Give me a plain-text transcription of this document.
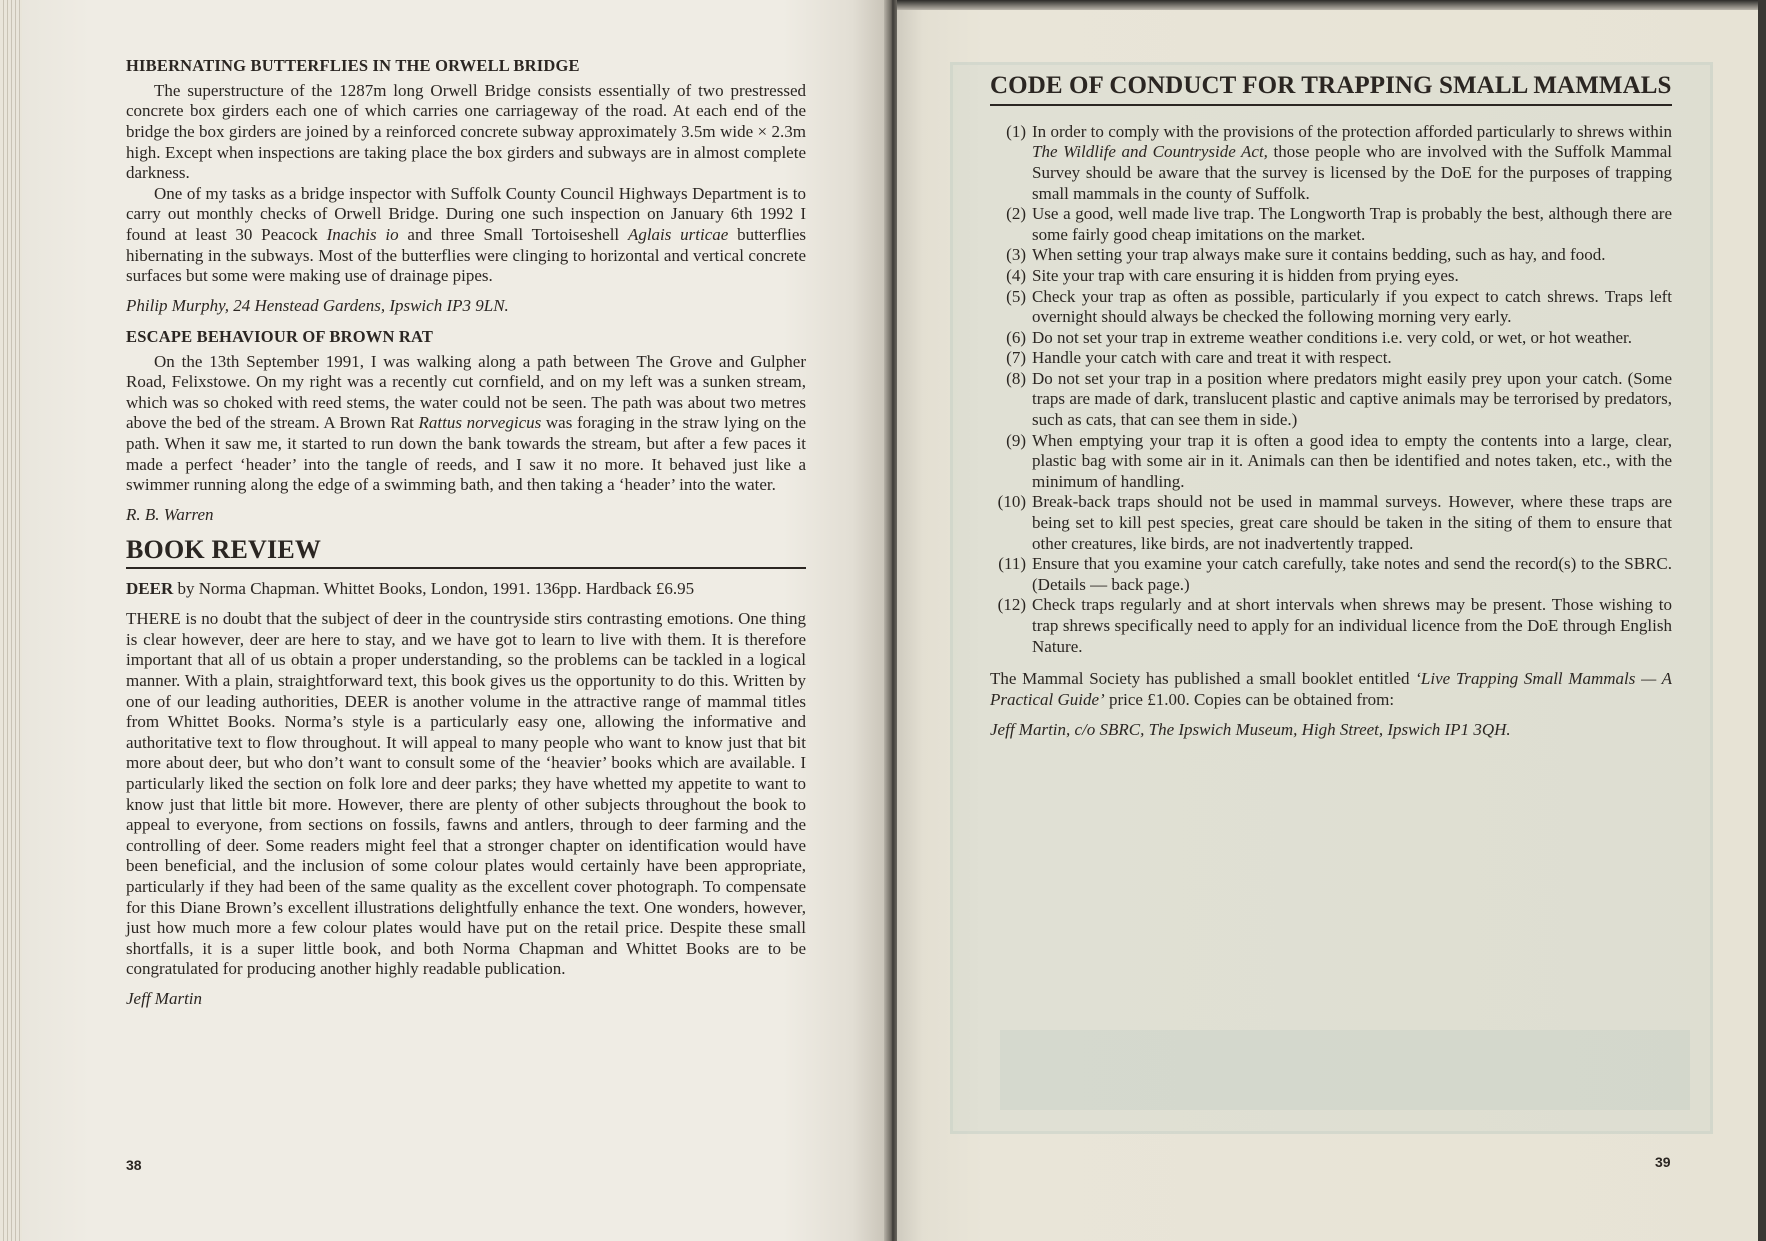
HIBERNATING BUTTERFLIES IN THE ORWELL BRIDGE

The superstructure of the 1287m long Orwell Bridge consists essentially of two prestressed concrete box girders each one of which carries one carriageway of the road. At each end of the bridge the box girders are joined by a reinforced concrete subway approximately 3.5m wide × 2.3m high. Except when inspections are taking place the box girders and subways are in almost complete darkness.

One of my tasks as a bridge inspector with Suffolk County Council Highways Department is to carry out monthly checks of Orwell Bridge. During one such inspection on January 6th 1992 I found at least 30 Peacock Inachis io and three Small Tortoiseshell Aglais urticae butterflies hibernating in the subways. Most of the butterflies were clinging to horizontal and vertical concrete surfaces but some were making use of drainage pipes.

Philip Murphy, 24 Henstead Gardens, Ipswich IP3 9LN.
ESCAPE BEHAVIOUR OF BROWN RAT

On the 13th September 1991, I was walking along a path between The Grove and Gulpher Road, Felixstowe. On my right was a recently cut cornfield, and on my left was a sunken stream, which was so choked with reed stems, the water could not be seen. The path was about two metres above the bed of the stream. A Brown Rat Rattus norvegicus was foraging in the straw lying on the path. When it saw me, it started to run down the bank towards the stream, but after a few paces it made a perfect ‘header’ into the tangle of reeds, and I saw it no more. It behaved just like a swimmer running along the edge of a swimming bath, and then taking a ‘header’ into the water.

R. B. Warren
BOOK REVIEW
DEER by Norma Chapman. Whittet Books, London, 1991. 136pp. Hardback £6.95

THERE is no doubt that the subject of deer in the countryside stirs contrasting emotions. One thing is clear however, deer are here to stay, and we have got to learn to live with them. It is therefore important that all of us obtain a proper understanding, so the problems can be tackled in a logical manner. With a plain, straightforward text, this book gives us the opportunity to do this. Written by one of our leading authorities, DEER is another volume in the attractive range of mammal titles from Whittet Books. Norma’s style is a particularly easy one, allowing the informative and authoritative text to flow throughout. It will appeal to many people who want to know just that bit more about deer, but who don’t want to consult some of the ‘heavier’ books which are available. I particularly liked the section on folk lore and deer parks; they have whetted my appetite to want to know just that little bit more. However, there are plenty of other subjects throughout the book to appeal to everyone, from sections on fossils, fawns and antlers, through to deer farming and the controlling of deer. Some readers might feel that a stronger chapter on identification would have been beneficial, and the inclusion of some colour plates would certainly have been appropriate, particularly if they had been of the same quality as the excellent cover photograph. To compensate for this Diane Brown’s excellent illustrations delightfully enhance the text. One wonders, however, just how much more a few colour plates would have put on the retail price. Despite these small shortfalls, it is a super little book, and both Norma Chapman and Whittet Books are to be congratulated for producing another highly readable publication.

Jeff Martin
38
CODE OF CONDUCT FOR TRAPPING SMALL MAMMALS
(1) In order to comply with the provisions of the protection afforded particularly to shrews within The Wildlife and Countryside Act, those people who are involved with the Suffolk Mammal Survey should be aware that the survey is licensed by the DoE for the purposes of trapping small mammals in the county of Suffolk.
(2) Use a good, well made live trap. The Longworth Trap is probably the best, although there are some fairly good cheap imitations on the market.
(3) When setting your trap always make sure it contains bedding, such as hay, and food.
(4) Site your trap with care ensuring it is hidden from prying eyes.
(5) Check your trap as often as possible, particularly if you expect to catch shrews. Traps left overnight should always be checked the following morning very early.
(6) Do not set your trap in extreme weather conditions i.e. very cold, or wet, or hot weather.
(7) Handle your catch with care and treat it with respect.
(8) Do not set your trap in a position where predators might easily prey upon your catch. (Some traps are made of dark, translucent plastic and captive animals may be terrorised by predators, such as cats, that can see them in side.)
(9) When emptying your trap it is often a good idea to empty the contents into a large, clear, plastic bag with some air in it. Animals can then be identified and notes taken, etc., with the minimum of handling.
(10) Break-back traps should not be used in mammal surveys. However, where these traps are being set to kill pest species, great care should be taken in the siting of them to ensure that other creatures, like birds, are not inadvertently trapped.
(11) Ensure that you examine your catch carefully, take notes and send the record(s) to the SBRC. (Details — back page.)
(12) Check traps regularly and at short intervals when shrews may be present. Those wishing to trap shrews specifically need to apply for an individual licence from the DoE through English Nature.

The Mammal Society has published a small booklet entitled ‘Live Trapping Small Mammals — A Practical Guide’ price £1.00. Copies can be obtained from:

Jeff Martin, c/o SBRC, The Ipswich Museum, High Street, Ipswich IP1 3QH.
39
